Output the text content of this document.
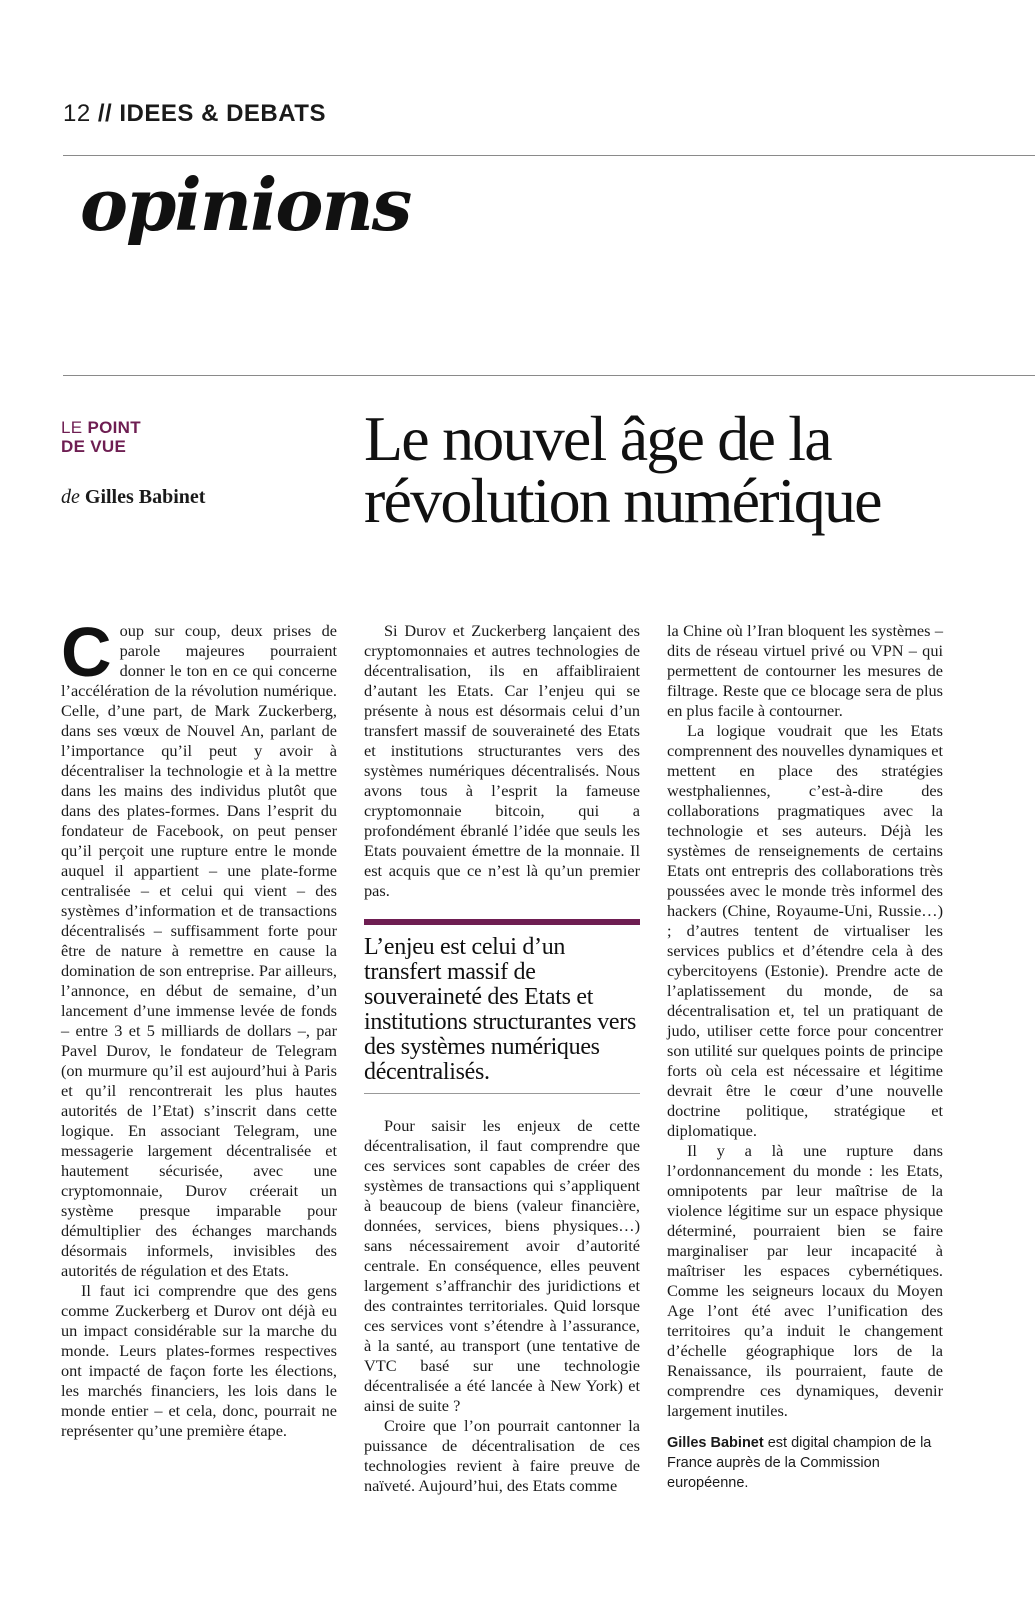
12 // IDEES & DEBATS
opinions
LE POINT
DE VUE
de Gilles Babinet
Le nouvel âge de la
révolution numérique

Coup sur coup, deux prises de parole majeures pourraient donner le ton en ce qui concerne l’accélération de la révolution numérique. Celle, d’une part, de Mark Zuckerberg, dans ses vœux de Nouvel An, parlant de l’importance qu’il peut y avoir à décentraliser la technologie et à la mettre dans les mains des individus plutôt que dans des plates-formes. Dans l’esprit du fondateur de Facebook, on peut penser qu’il perçoit une rupture entre le monde auquel il appartient – une plate-forme centralisée – et celui qui vient – des systèmes d’information et de transactions décentralisés – suffisamment forte pour être de nature à remettre en cause la domination de son entreprise. Par ailleurs, l’annonce, en début de semaine, d’un lancement d’une immense levée de fonds – entre 3 et 5 milliards de dollars –, par Pavel Durov, le fondateur de Telegram (on murmure qu’il est aujourd’hui à Paris et qu’il rencontrerait les plus hautes autorités de l’Etat) s’inscrit dans cette logique. En associant Telegram, une messagerie largement décentralisée et hautement sécurisée, avec une cryptomonnaie, Durov créerait un système presque imparable pour démultiplier des échanges marchands désormais informels, invisibles des autorités de régulation et des Etats.

Il faut ici comprendre que des gens comme Zuckerberg et Durov ont déjà eu un impact considérable sur la marche du monde. Leurs plates-formes respectives ont impacté de façon forte les élections, les marchés financiers, les lois dans le monde entier – et cela, donc, pourrait ne représenter qu’une première étape.

Si Durov et Zuckerberg lançaient des cryptomonnaies et autres technologies de décentralisation, ils en affaibliraient d’autant les Etats. Car l’enjeu qui se présente à nous est désormais celui d’un transfert massif de souveraineté des Etats et institutions structurantes vers des systèmes numériques décentralisés. Nous avons tous à l’esprit la fameuse cryptomonnaie bitcoin, qui a profondément ébranlé l’idée que seuls les Etats pouvaient émettre de la monnaie. Il est acquis que ce n’est là qu’un premier pas.

L’enjeu est celui d’un transfert massif de souveraineté des Etats et institutions structurantes vers des systèmes numériques décentralisés.

Pour saisir les enjeux de cette décentralisation, il faut comprendre que ces services sont capables de créer des systèmes de transactions qui s’appliquent à beaucoup de biens (valeur financière, données, services, biens physiques…) sans nécessairement avoir d’autorité centrale. En conséquence, elles peuvent largement s’affranchir des juridictions et des contraintes territoriales. Quid lorsque ces services vont s’étendre à l’assurance, à la santé, au transport (une tentative de VTC basé sur une technologie décentralisée a été lancée à New York) et ainsi de suite ?

Croire que l’on pourrait cantonner la puissance de décentralisation de ces technologies revient à faire preuve de naïveté. Aujourd’hui, des Etats comme

la Chine où l’Iran bloquent les systèmes – dits de réseau virtuel privé ou VPN – qui permettent de contourner les mesures de filtrage. Reste que ce blocage sera de plus en plus facile à contourner.

La logique voudrait que les Etats comprennent des nouvelles dynamiques et mettent en place des stratégies westphaliennes, c’est-à-dire des collaborations pragmatiques avec la technologie et ses auteurs. Déjà les systèmes de renseignements de certains Etats ont entrepris des collaborations très poussées avec le monde très informel des hackers (Chine, Royaume-Uni, Russie…) ; d’autres tentent de virtualiser les services publics et d’étendre cela à des cybercitoyens (Estonie). Prendre acte de l’aplatissement du monde, de sa décentralisation et, tel un pratiquant de judo, utiliser cette force pour concentrer son utilité sur quelques points de principe forts où cela est nécessaire et légitime devrait être le cœur d’une nouvelle doctrine politique, stratégique et diplomatique.

Il y a là une rupture dans l’ordonnancement du monde : les Etats, omnipotents par leur maîtrise de la violence légitime sur un espace physique déterminé, pourraient bien se faire marginaliser par leur incapacité à maîtriser les espaces cybernétiques. Comme les seigneurs locaux du Moyen Age l’ont été avec l’unification des territoires qu’a induit le changement d’échelle géographique lors de la Renaissance, ils pourraient, faute de comprendre ces dynamiques, devenir largement inutiles.

Gilles Babinet est digital champion de la France auprès de la Commission européenne.
